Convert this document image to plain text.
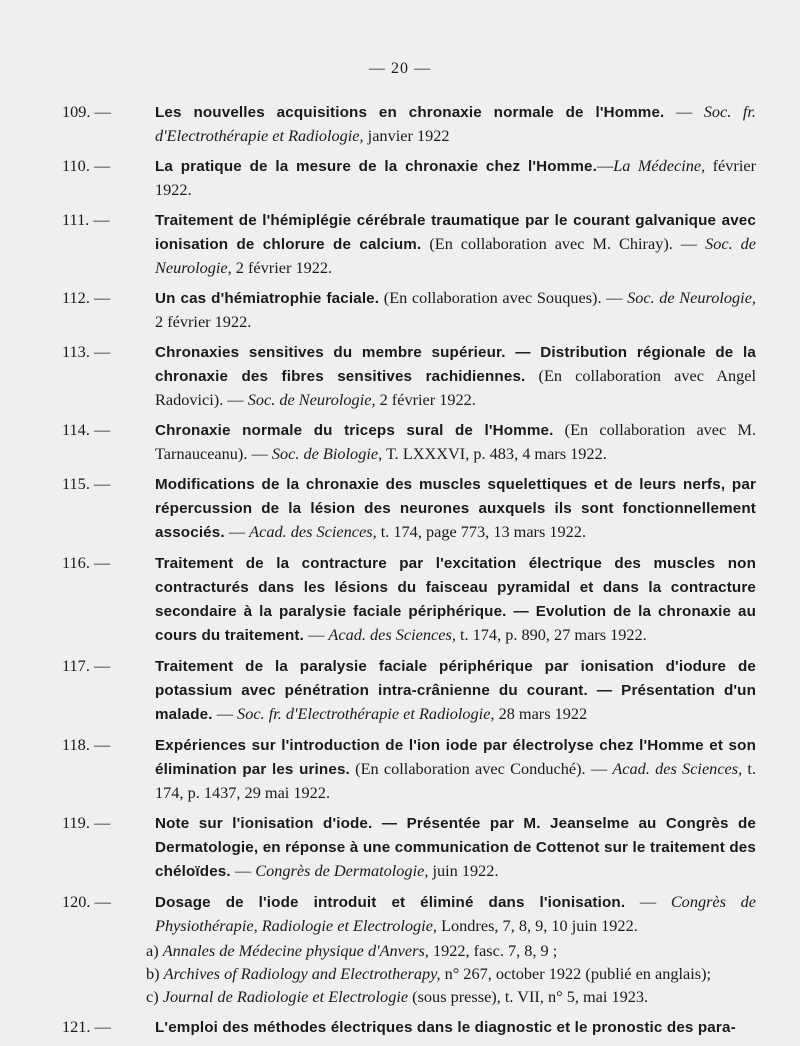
— 20 —
109. —	Les nouvelles acquisitions en chronaxie normale de l'Homme. — Soc. fr. d'Electrothérapie et Radiologie, janvier 1922
110. —	La pratique de la mesure de la chronaxie chez l'Homme.—La Médecine, février 1922.
111. —	Traitement de l'hémiplégie cérébrale traumatique par le courant galvanique avec ionisation de chlorure de calcium. (En collaboration avec M. Chiray). — Soc. de Neurologie, 2 février 1922.
112. —	Un cas d'hémiatrophie faciale. (En collaboration avec Souques). — Soc. de Neurologie, 2 février 1922.
113. —	Chronaxies sensitives du membre supérieur. — Distribution régionale de la chronaxie des fibres sensitives rachidiennes. (En collaboration avec Angel Radovici). — Soc. de Neurologie, 2 février 1922.
114. —	Chronaxie normale du triceps sural de l'Homme. (En collaboration avec M. Tarnauceanu). — Soc. de Biologie, T. LXXXVI, p. 483, 4 mars 1922.
115. —	Modifications de la chronaxie des muscles squelettiques et de leurs nerfs, par répercussion de la lésion des neurones auxquels ils sont fonctionnellement associés. — Acad. des Sciences, t. 174, page 773, 13 mars 1922.
116. —	Traitement de la contracture par l'excitation électrique des muscles non contracturés dans les lésions du faisceau pyramidal et dans la contracture secondaire à la paralysie faciale périphérique. — Evolution de la chronaxie au cours du traitement. — Acad. des Sciences, t. 174, p. 890, 27 mars 1922.
117. —	Traitement de la paralysie faciale périphérique par ionisation d'iodure de potassium avec pénétration intra-crânienne du courant. — Présentation d'un malade. — Soc. fr. d'Electrothérapie et Radiologie, 28 mars 1922
118. —	Expériences sur l'introduction de l'ion iode par électrolyse chez l'Homme et son élimination par les urines. (En collaboration avec Conduché). — Acad. des Sciences, t. 174, p. 1437, 29 mai 1922.
119. —	Note sur l'ionisation d'iode. — Présentée par M. Jeanselme au Congrès de Dermatologie, en réponse à une communication de Cottenot sur le traitement des chéloïdes. — Congrès de Dermatologie, juin 1922.
120. —	Dosage de l'iode introduit et éliminé dans l'ionisation. — Congrès de Physiothérapie, Radiologie et Electrologie, Londres, 7, 8, 9, 10 juin 1922.
a) Annales de Médecine physique d'Anvers, 1922, fasc. 7, 8, 9 ;
b) Archives of Radiology and Electrotherapy, n° 267, october 1922 (publié en anglais);
c) Journal de Radiologie et Electrologie (sous presse), t. VII, n° 5, mai 1923.
121. —	L'emploi des méthodes électriques dans le diagnostic et le pronostic des para-
